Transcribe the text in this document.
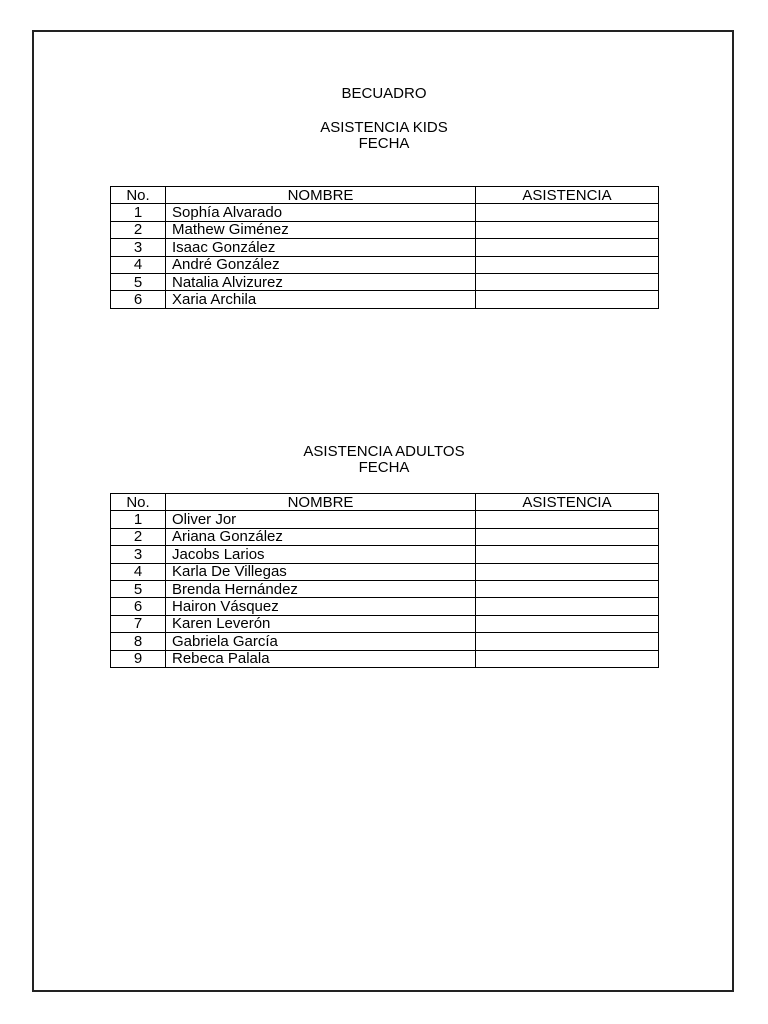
BECUADRO
ASISTENCIA KIDS
FECHA
No.	NOMBRE	ASISTENCIA
1	Sophía Alvarado	
2	Mathew Giménez	
3	Isaac González	
4	André González	
5	Natalia Alvizurez	
6	Xaria Archila	
ASISTENCIA ADULTOS
FECHA
No.	NOMBRE	ASISTENCIA
1	Oliver Jor	
2	Ariana González	
3	Jacobs Larios	
4	Karla De Villegas	
5	Brenda Hernández	
6	Hairon Vásquez	
7	Karen Leverón	
8	Gabriela García	
9	Rebeca Palala	
